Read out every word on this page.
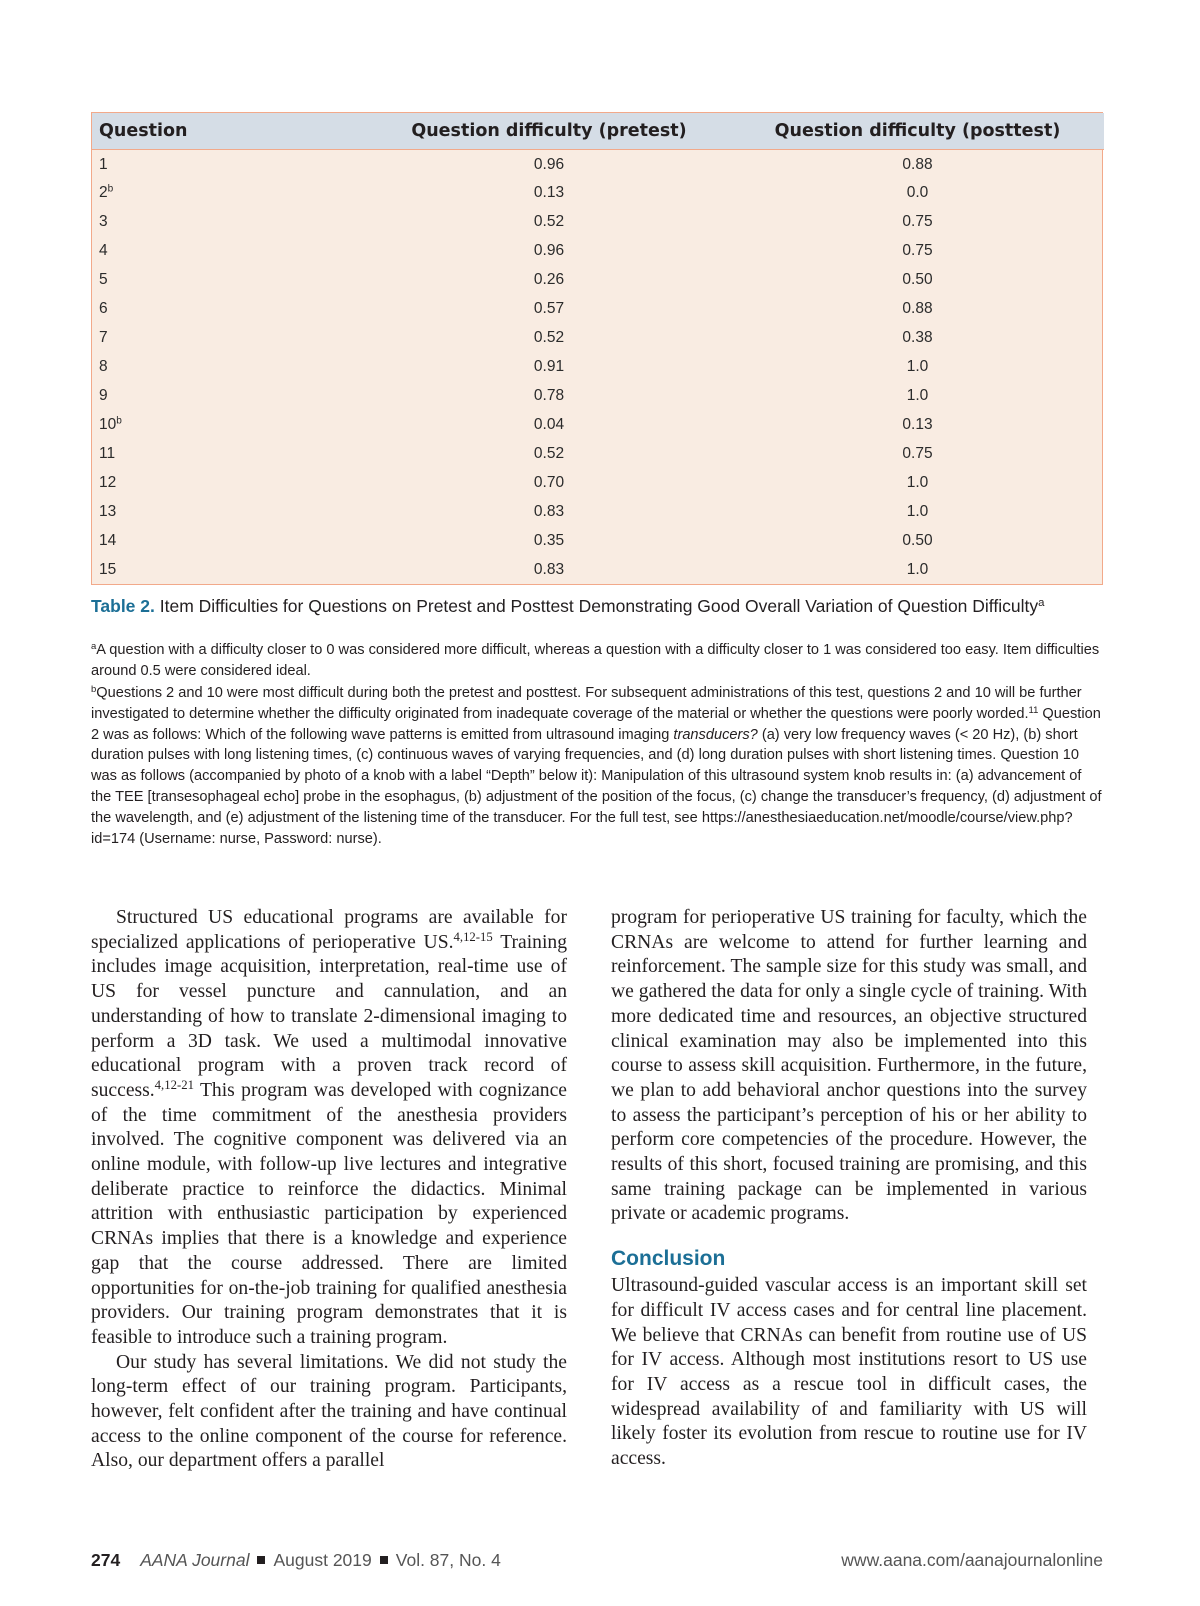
Question	Question difficulty (pretest)	Question difficulty (posttest)
1	0.96	0.88
2$^b$	0.13	0.0
3	0.52	0.75
4	0.96	0.75
5	0.26	0.50
6	0.57	0.88
7	0.52	0.38
8	0.91	1.0
9	0.78	1.0
10$^b$	0.04	0.13
11	0.52	0.75
12	0.70	1.0
13	0.83	1.0
14	0.35	0.50
15	0.83	1.0
Table 2. Item Difficulties for Questions on Pretest and Posttest Demonstrating Good Overall Variation of Question Difficulty$^a$
$^a$A question with a difficulty closer to 0 was considered more difficult, whereas a question with a difficulty closer to 1 was considered too easy. Item difficulties around 0.5 were considered ideal.
$^b$Questions 2 and 10 were most difficult during both the pretest and posttest. For subsequent administrations of this test, questions 2 and 10 will be further investigated to determine whether the difficulty originated from inadequate coverage of the material or whether the questions were poorly worded.$^{11}$ Question 2 was as follows: Which of the following wave patterns is emitted from ultrasound imaging transducers? (a) very low frequency waves (< 20 Hz), (b) short duration pulses with long listening times, (c) continuous waves of varying frequencies, and (d) long duration pulses with short listening times. Question 10 was as follows (accompanied by photo of a knob with a label “Depth” below it): Manipulation of this ultrasound system knob results in: (a) advancement of the TEE [transesophageal echo] probe in the esophagus, (b) adjustment of the position of the focus, (c) change the transducer’s frequency, (d) adjustment of the wavelength, and (e) adjustment of the listening time of the transducer. For the full test, see https://anesthesiaeducation.net/moodle/course/view.php?id=174 (Username: nurse, Password: nurse).

Structured US educational programs are available for specialized applications of perioperative US.$^{4,12-15}$ Training includes image acquisition, interpretation, real-time use of US for vessel puncture and cannulation, and an understanding of how to translate 2-dimensional imaging to perform a 3D task. We used a multimodal innovative educational program with a proven track record of success.$^{4,12-21}$ This program was developed with cognizance of the time commitment of the anesthesia providers involved. The cognitive component was delivered via an online module, with follow-up live lectures and integrative deliberate practice to reinforce the didactics. Minimal attrition with enthusiastic participation by experienced CRNAs implies that there is a knowledge and experience gap that the course addressed. There are limited opportunities for on-the-job training for qualified anesthesia providers. Our training program demonstrates that it is feasible to introduce such a training program.

Our study has several limitations. We did not study the long-term effect of our training program. Participants, however, felt confident after the training and have continual access to the online component of the course for reference. Also, our department offers a parallel

program for perioperative US training for faculty, which the CRNAs are welcome to attend for further learning and reinforcement. The sample size for this study was small, and we gathered the data for only a single cycle of training. With more dedicated time and resources, an objective structured clinical examination may also be implemented into this course to assess skill acquisition. Furthermore, in the future, we plan to add behavioral anchor questions into the survey to assess the participant’s perception of his or her ability to perform core competencies of the procedure. However, the results of this short, focused training are promising, and this same training package can be implemented in various private or academic programs.

Conclusion

Ultrasound-guided vascular access is an important skill set for difficult IV access cases and for central line placement. We believe that CRNAs can benefit from routine use of US for IV access. Although most institutions resort to US use for IV access as a rescue tool in difficult cases, the widespread availability of and familiarity with US will likely foster its evolution from rescue to routine use for IV access.

274 AANA Journal August 2019 Vol. 87, No. 4	www.aana.com/aanajournalonline
